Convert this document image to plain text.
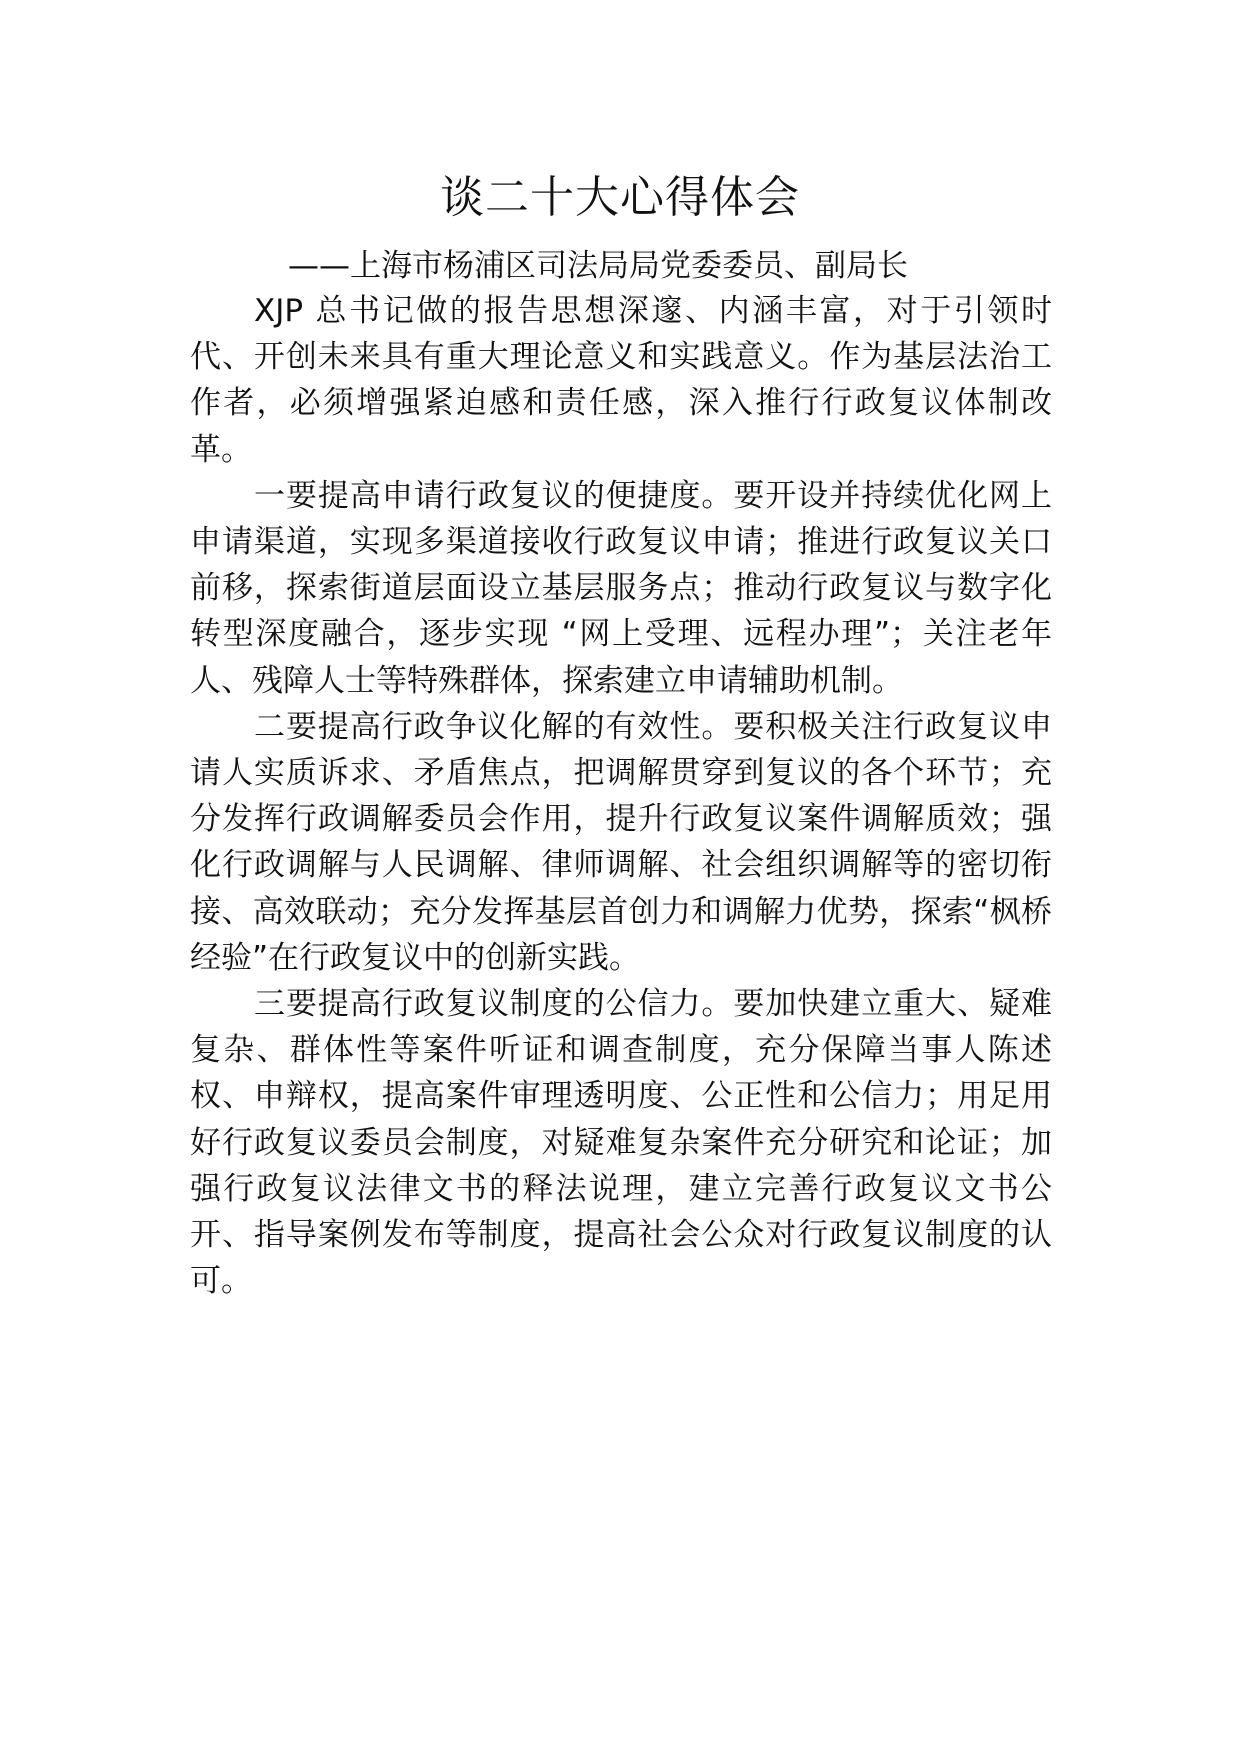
谈二十大心得体会
——上海市杨浦区司法局局党委委员、副局长

XJP 总书记做的报告思想深邃、内涵丰富，对于引领时代、开创未来具有重大理论意义和实践意义。作为基层法治工作者，必须增强紧迫感和责任感，深入推行行政复议体制改革。

一要提高申请行政复议的便捷度。要开设并持续优化网上申请渠道，实现多渠道接收行政复议申请；推进行政复议关口前移，探索街道层面设立基层服务点；推动行政复议与数字化转型深度融合，逐步实现 “网上受理、远程办理”；关注老年人、残障人士等特殊群体，探索建立申请辅助机制。

二要提高行政争议化解的有效性。要积极关注行政复议申请人实质诉求、矛盾焦点，把调解贯穿到复议的各个环节；充分发挥行政调解委员会作用，提升行政复议案件调解质效；强化行政调解与人民调解、律师调解、社会组织调解等的密切衔接、高效联动；充分发挥基层首创力和调解力优势，探索“枫桥经验”在行政复议中的创新实践。

三要提高行政复议制度的公信力。要加快建立重大、疑难复杂、群体性等案件听证和调查制度，充分保障当事人陈述权、申辩权，提高案件审理透明度、公正性和公信力；用足用好行政复议委员会制度，对疑难复杂案件充分研究和论证；加强行政复议法律文书的释法说理，建立完善行政复议文书公开、指导案例发布等制度，提高社会公众对行政复议制度的认可。
